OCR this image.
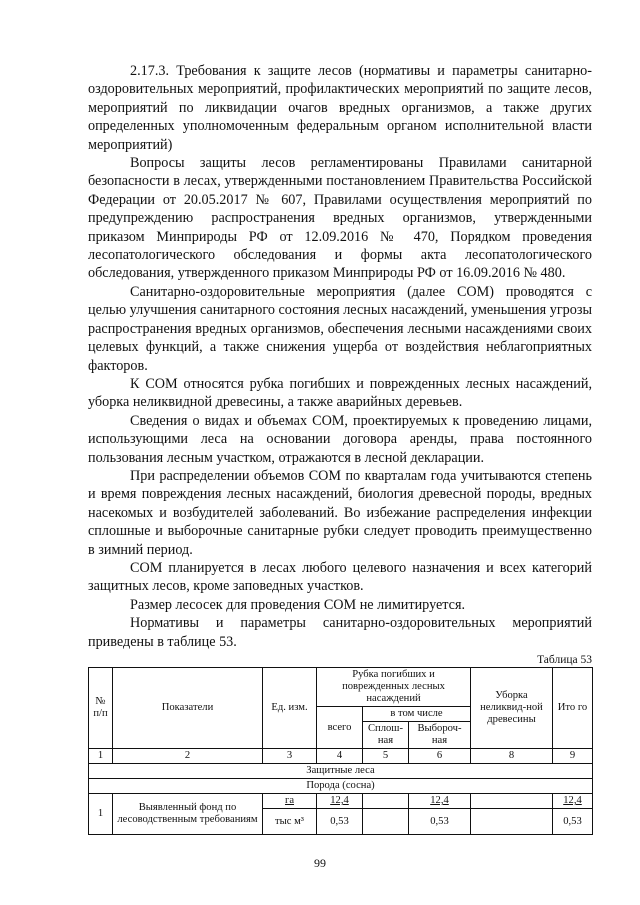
2.17.3. Требования к защите лесов (нормативы и параметры санитарно-оздоровительных мероприятий, профилактических мероприятий по защите лесов, мероприятий по ликвидации очагов вредных организмов, а также других определенных уполномоченным федеральным органом исполнительной власти мероприятий)

Вопросы защиты лесов регламентированы Правилами санитарной безопасности в лесах, утвержденными постановлением Правительства Российской Федерации от 20.05.2017 № 607, Правилами осуществления мероприятий по предупреждению распространения вредных организмов, утвержденными приказом Минприроды РФ от 12.09.2016 № 470, Порядком проведения лесопатологического обследования и формы акта лесопатологического обследования, утвержденного приказом Минприроды РФ от 16.09.2016 № 480.

Санитарно-оздоровительные мероприятия (далее СОМ) проводятся с целью улучшения санитарного состояния лесных насаждений, уменьшения угрозы распространения вредных организмов, обеспечения лесными насаждениями своих целевых функций, а также снижения ущерба от воздействия неблагоприятных факторов.

К СОМ относятся рубка погибших и поврежденных лесных насаждений, уборка неликвидной древесины, а также аварийных деревьев.

Сведения о видах и объемах СОМ, проектируемых к проведению лицами, использующими леса на основании договора аренды, права постоянного пользования лесным участком, отражаются в лесной декларации.

При распределении объемов СОМ по кварталам года учитываются степень и время повреждения лесных насаждений, биология древесной породы, вредных насекомых и возбудителей заболеваний. Во избежание распределения инфекции сплошные и выборочные санитарные рубки следует проводить преимущественно в зимний период.

СОМ планируется в лесах любого целевого назначения и всех категорий защитных лесов, кроме заповедных участков.

Размер лесосек для проведения СОМ не лимитируется.

Нормативы и параметры санитарно-оздоровительных мероприятий приведены в таблице 53.

Таблица 53
№ п/п	Показатели	Ед. изм.	Рубка погибших и поврежденных лесных насаждений			Уборка неликвид-ной древесины	Ито го
			всего	в том числе			
				Сплош-ная	Выбороч-ная		
1	2	3	4	5	6	8	9
Защитные леса							
Порода (сосна)							
1	Выявленный фонд по лесоводственным требованиям	га	12,4		12,4		12,4
		тыс м³	0,53		0,53		0,53
99
